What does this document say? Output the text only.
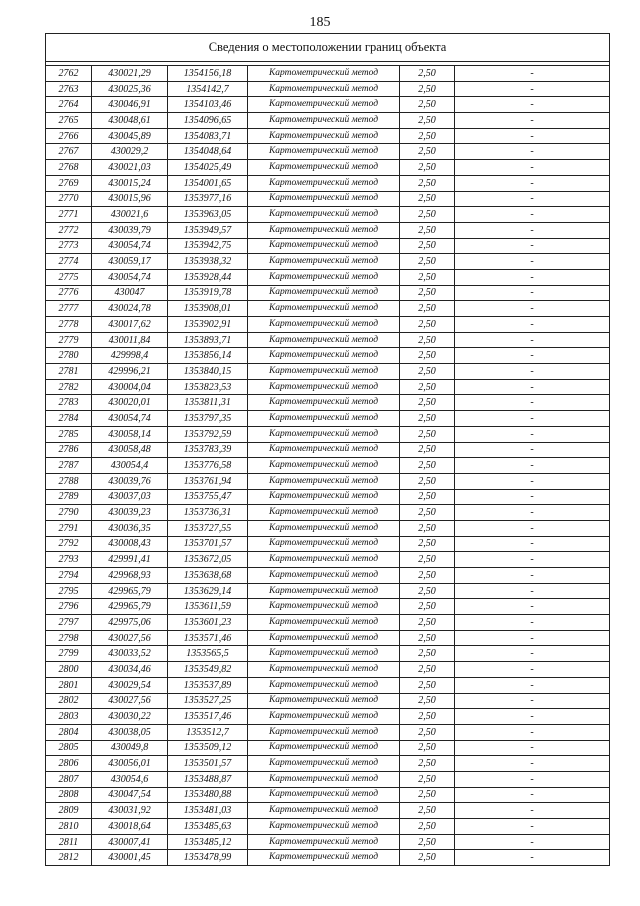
185
Сведения о местоположении границ объекта					

2762	430021,29	1354156,18	Картометрический метод	2,50	-
2763	430025,36	1354142,7	Картометрический метод	2,50	-
2764	430046,91	1354103,46	Картометрический метод	2,50	-
2765	430048,61	1354096,65	Картометрический метод	2,50	-
2766	430045,89	1354083,71	Картометрический метод	2,50	-
2767	430029,2	1354048,64	Картометрический метод	2,50	-
2768	430021,03	1354025,49	Картометрический метод	2,50	-
2769	430015,24	1354001,65	Картометрический метод	2,50	-
2770	430015,96	1353977,16	Картометрический метод	2,50	-
2771	430021,6	1353963,05	Картометрический метод	2,50	-
2772	430039,79	1353949,57	Картометрический метод	2,50	-
2773	430054,74	1353942,75	Картометрический метод	2,50	-
2774	430059,17	1353938,32	Картометрический метод	2,50	-
2775	430054,74	1353928,44	Картометрический метод	2,50	-
2776	430047	1353919,78	Картометрический метод	2,50	-
2777	430024,78	1353908,01	Картометрический метод	2,50	-
2778	430017,62	1353902,91	Картометрический метод	2,50	-
2779	430011,84	1353893,71	Картометрический метод	2,50	-
2780	429998,4	1353856,14	Картометрический метод	2,50	-
2781	429996,21	1353840,15	Картометрический метод	2,50	-
2782	430004,04	1353823,53	Картометрический метод	2,50	-
2783	430020,01	1353811,31	Картометрический метод	2,50	-
2784	430054,74	1353797,35	Картометрический метод	2,50	-
2785	430058,14	1353792,59	Картометрический метод	2,50	-
2786	430058,48	1353783,39	Картометрический метод	2,50	-
2787	430054,4	1353776,58	Картометрический метод	2,50	-
2788	430039,76	1353761,94	Картометрический метод	2,50	-
2789	430037,03	1353755,47	Картометрический метод	2,50	-
2790	430039,23	1353736,31	Картометрический метод	2,50	-
2791	430036,35	1353727,55	Картометрический метод	2,50	-
2792	430008,43	1353701,57	Картометрический метод	2,50	-
2793	429991,41	1353672,05	Картометрический метод	2,50	-
2794	429968,93	1353638,68	Картометрический метод	2,50	-
2795	429965,79	1353629,14	Картометрический метод	2,50	-
2796	429965,79	1353611,59	Картометрический метод	2,50	-
2797	429975,06	1353601,23	Картометрический метод	2,50	-
2798	430027,56	1353571,46	Картометрический метод	2,50	-
2799	430033,52	1353565,5	Картометрический метод	2,50	-
2800	430034,46	1353549,82	Картометрический метод	2,50	-
2801	430029,54	1353537,89	Картометрический метод	2,50	-
2802	430027,56	1353527,25	Картометрический метод	2,50	-
2803	430030,22	1353517,46	Картометрический метод	2,50	-
2804	430038,05	1353512,7	Картометрический метод	2,50	-
2805	430049,8	1353509,12	Картометрический метод	2,50	-
2806	430056,01	1353501,57	Картометрический метод	2,50	-
2807	430054,6	1353488,87	Картометрический метод	2,50	-
2808	430047,54	1353480,88	Картометрический метод	2,50	-
2809	430031,92	1353481,03	Картометрический метод	2,50	-
2810	430018,64	1353485,63	Картометрический метод	2,50	-
2811	430007,41	1353485,12	Картометрический метод	2,50	-
2812	430001,45	1353478,99	Картометрический метод	2,50	-
